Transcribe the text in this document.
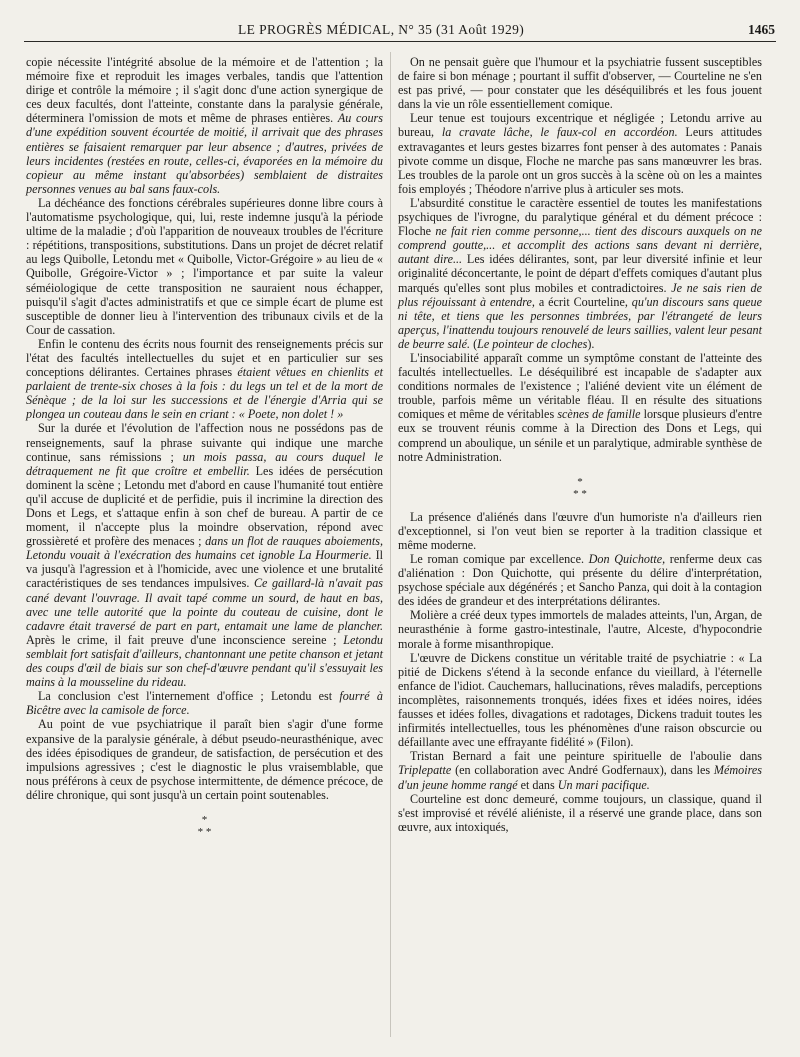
LE PROGRÈS MÉDICAL, N° 35 (31 Août 1929)	1465

copie nécessite l'intégrité absolue de la mémoire et de l'attention ; la mémoire fixe et reproduit les images verbales, tandis que l'attention dirige et contrôle la mémoire ; il s'agit donc d'une action synergique de ces deux facultés, dont l'atteinte, constante dans la paralysie générale, déterminera l'omission de mots et même de phrases entières. Au cours d'une expédition souvent écourtée de moitié, il arrivait que des phrases entières se faisaient remarquer par leur absence ; d'autres, privées de leurs incidentes (restées en route, celles-ci, évaporées en la mémoire du copieur au même instant qu'absorbées) semblaient de distraites personnes venues au bal sans faux-cols.

La déchéance des fonctions cérébrales supérieures donne libre cours à l'automatisme psychologique, qui, lui, reste indemne jusqu'à la période ultime de la maladie ; d'où l'apparition de nouveaux troubles de l'écriture : répétitions, transpositions, substitutions. Dans un projet de décret relatif au legs Quibolle, Letondu met « Quibolle, Victor-Grégoire » au lieu de « Quibolle, Grégoire-Victor » ; l'importance et par suite la valeur séméiologique de cette transposition ne sauraient nous échapper, puisqu'il s'agit d'actes administratifs et que ce simple écart de plume est susceptible de donner lieu à l'intervention des tribunaux civils et de la Cour de cassation.

Enfin le contenu des écrits nous fournit des renseignements précis sur l'état des facultés intellectuelles du sujet et en particulier sur ses conceptions délirantes. Certaines phrases étaient vêtues en chienlits et parlaient de trente-six choses à la fois : du legs un tel et de la mort de Sénèque ; de la loi sur les successions et de l'énergie d'Arria qui se plongea un couteau dans le sein en criant : « Poete, non dolet ! »

Sur la durée et l'évolution de l'affection nous ne possédons pas de renseignements, sauf la phrase suivante qui indique une marche continue, sans rémissions ; un mois passa, au cours duquel le détraquement ne fit que croître et embellir. Les idées de persécution dominent la scène ; Letondu met d'abord en cause l'humanité tout entière qu'il accuse de duplicité et de perfidie, puis il incrimine la direction des Dons et Legs, et s'attaque enfin à son chef de bureau. A partir de ce moment, il n'accepte plus la moindre observation, répond avec grossièreté et profère des menaces ; dans un flot de rauques aboiements, Letondu vouait à l'exécration des humains cet ignoble La Hourmerie. Il va jusqu'à l'agression et à l'homicide, avec une violence et une brutalité caractéristiques de ses tendances impulsives. Ce gaillard-là n'avait pas cané devant l'ouvrage. Il avait tapé comme un sourd, de haut en bas, avec une telle autorité que la pointe du couteau de cuisine, dont le cadavre était traversé de part en part, entamait une lame de plancher. Après le crime, il fait preuve d'une inconscience sereine ; Letondu semblait fort satisfait d'ailleurs, chantonnant une petite chanson et jetant des coups d'œil de biais sur son chef-d'œuvre pendant qu'il s'essuyait les mains à la mousseline du rideau.

La conclusion c'est l'internement d'office ; Letondu est fourré à Bicêtre avec la camisole de force.

Au point de vue psychiatrique il paraît bien s'agir d'une forme expansive de la paralysie générale, à début pseudo-neurasthénique, avec des idées épisodiques de grandeur, de satisfaction, de persécution et des impulsions agressives ; c'est le diagnostic le plus vraisemblable, que nous préférons à ceux de psychose intermittente, de démence précoce, de délire chronique, qui sont jusqu'à un certain point soutenables.

*
* *

On ne pensait guère que l'humour et la psychiatrie fussent susceptibles de faire si bon ménage ; pourtant il suffit d'observer, — Courteline ne s'en est pas privé, — pour constater que les déséquilibrés et les fous jouent dans la vie un rôle essentiellement comique.

Leur tenue est toujours excentrique et négligée ; Letondu arrive au bureau, la cravate lâche, le faux-col en accordéon. Leurs attitudes extravagantes et leurs gestes bizarres font penser à des automates : Panais pivote comme un disque, Floche ne marche pas sans manœuvrer les bras. Les troubles de la parole ont un gros succès à la scène où on les a maintes fois employés ; Théodore n'arrive plus à articuler ses mots.

L'absurdité constitue le caractère essentiel de toutes les manifestations psychiques de l'ivrogne, du paralytique général et du dément précoce : Floche ne fait rien comme personne,... tient des discours auxquels on ne comprend goutte,... et accomplit des actions sans devant ni derrière, autant dire... Les idées délirantes, sont, par leur diversité infinie et leur originalité déconcertante, le point de départ d'effets comiques d'autant plus marqués qu'elles sont plus mobiles et contradictoires. Je ne sais rien de plus réjouissant à entendre, a écrit Courteline, qu'un discours sans queue ni tête, et tiens que les personnes timbrées, par l'étrangeté de leurs aperçus, l'inattendu toujours renouvelé de leurs saillies, valent leur pesant de beurre salé. (Le pointeur de cloches).

L'insociabilité apparaît comme un symptôme constant de l'atteinte des facultés intellectuelles. Le déséquilibré est incapable de s'adapter aux conditions normales de l'existence ; l'aliéné devient vite un élément de trouble, parfois même un véritable fléau. Il en résulte des situations comiques et même de véritables scènes de famille lorsque plusieurs d'entre eux se trouvent réunis comme à la Direction des Dons et Legs, qui comprend un aboulique, un sénile et un paralytique, admirable synthèse de notre Administration.

*
* *

La présence d'aliénés dans l'œuvre d'un humoriste n'a d'ailleurs rien d'exceptionnel, si l'on veut bien se reporter à la tradition classique et même moderne.

Le roman comique par excellence. Don Quichotte, renferme deux cas d'aliénation : Don Quichotte, qui présente du délire d'interprétation, psychose spéciale aux dégénérés ; et Sancho Panza, qui doit à la contagion des idées de grandeur et des interprétations délirantes.

Molière a créé deux types immortels de malades atteints, l'un, Argan, de neurasthénie à forme gastro-intestinale, l'autre, Alceste, d'hypocondrie morale à forme misanthropique.

L'œuvre de Dickens constitue un véritable traité de psychiatrie : « La pitié de Dickens s'étend à la seconde enfance du vieillard, à l'éternelle enfance de l'idiot. Cauchemars, hallucinations, rêves maladifs, perceptions incomplètes, raisonnements tronqués, idées fixes et idées noires, idées fausses et idées folles, divagations et radotages, Dickens traduit toutes les infirmités intellectuelles, tous les phénomènes d'une raison obscurcie ou défaillante avec une effrayante fidélité » (Filon).

Tristan Bernard a fait une peinture spirituelle de l'aboulie dans Triplepatte (en collaboration avec André Godfernaux), dans les Mémoires d'un jeune homme rangé et dans Un mari pacifique.

Courteline est donc demeuré, comme toujours, un classique, quand il s'est improvisé et révélé aliéniste, il a réservé une grande place, dans son œuvre, aux intoxiqués,
